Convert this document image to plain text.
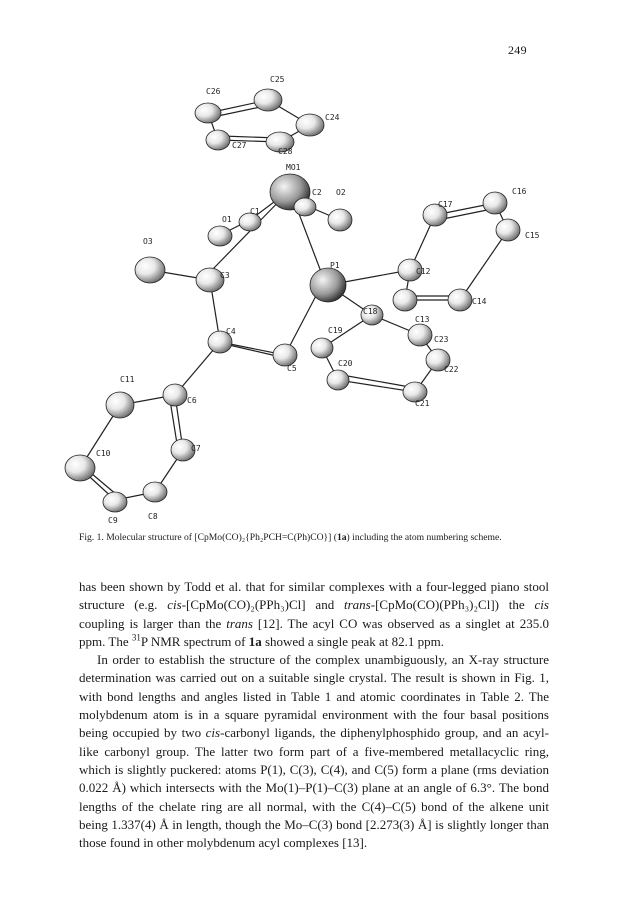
249
C25
C26
C24
C27
C28
MO1
C2 O2
C1
O1
O3
C3
P1
C16
C17
C15
C12
C14
C18
C13
C4	C19
C23
C5
C20
C22
C11
C6	C21
C7
C10
C9	C8
Fig. 1. Molecular structure of [CpMo(CO)₂{Ph₂PCH=C(Ph)CO}] (1a) including the atom numbering scheme.

has been shown by Todd et al. that for similar complexes with a four-legged piano stool structure (e.g. cis-[CpMo(CO)₂(PPh₃)Cl] and trans-[CpMo(CO)(PPh₃)₂Cl]) the cis coupling is larger than the trans [12]. The acyl CO was observed as a singlet at 235.0 ppm. The $^{31}$P NMR spectrum of 1a showed a single peak at 82.1 ppm.

In order to establish the structure of the complex unambiguously, an X-ray structure determination was carried out on a suitable single crystal. The result is shown in Fig. 1, with bond lengths and angles listed in Table 1 and atomic coordinates in Table 2. The molybdenum atom is in a square pyramidal environment with the four basal positions being occupied by two cis-carbonyl ligands, the diphenylphosphido group, and an acyl-like carbonyl group. The latter two form part of a five-membered metallacyclic ring, which is slightly puckered: atoms P(1), C(3), C(4), and C(5) form a plane (rms deviation 0.022 Å) which intersects with the Mo(1)–P(1)–C(3) plane at an angle of 6.3°. The bond lengths of the chelate ring are all normal, with the C(4)–C(5) bond of the alkene unit being 1.337(4) Å in length, though the Mo–C(3) bond [2.273(3) Å] is slightly longer than those found in other molybdenum acyl complexes [13].
